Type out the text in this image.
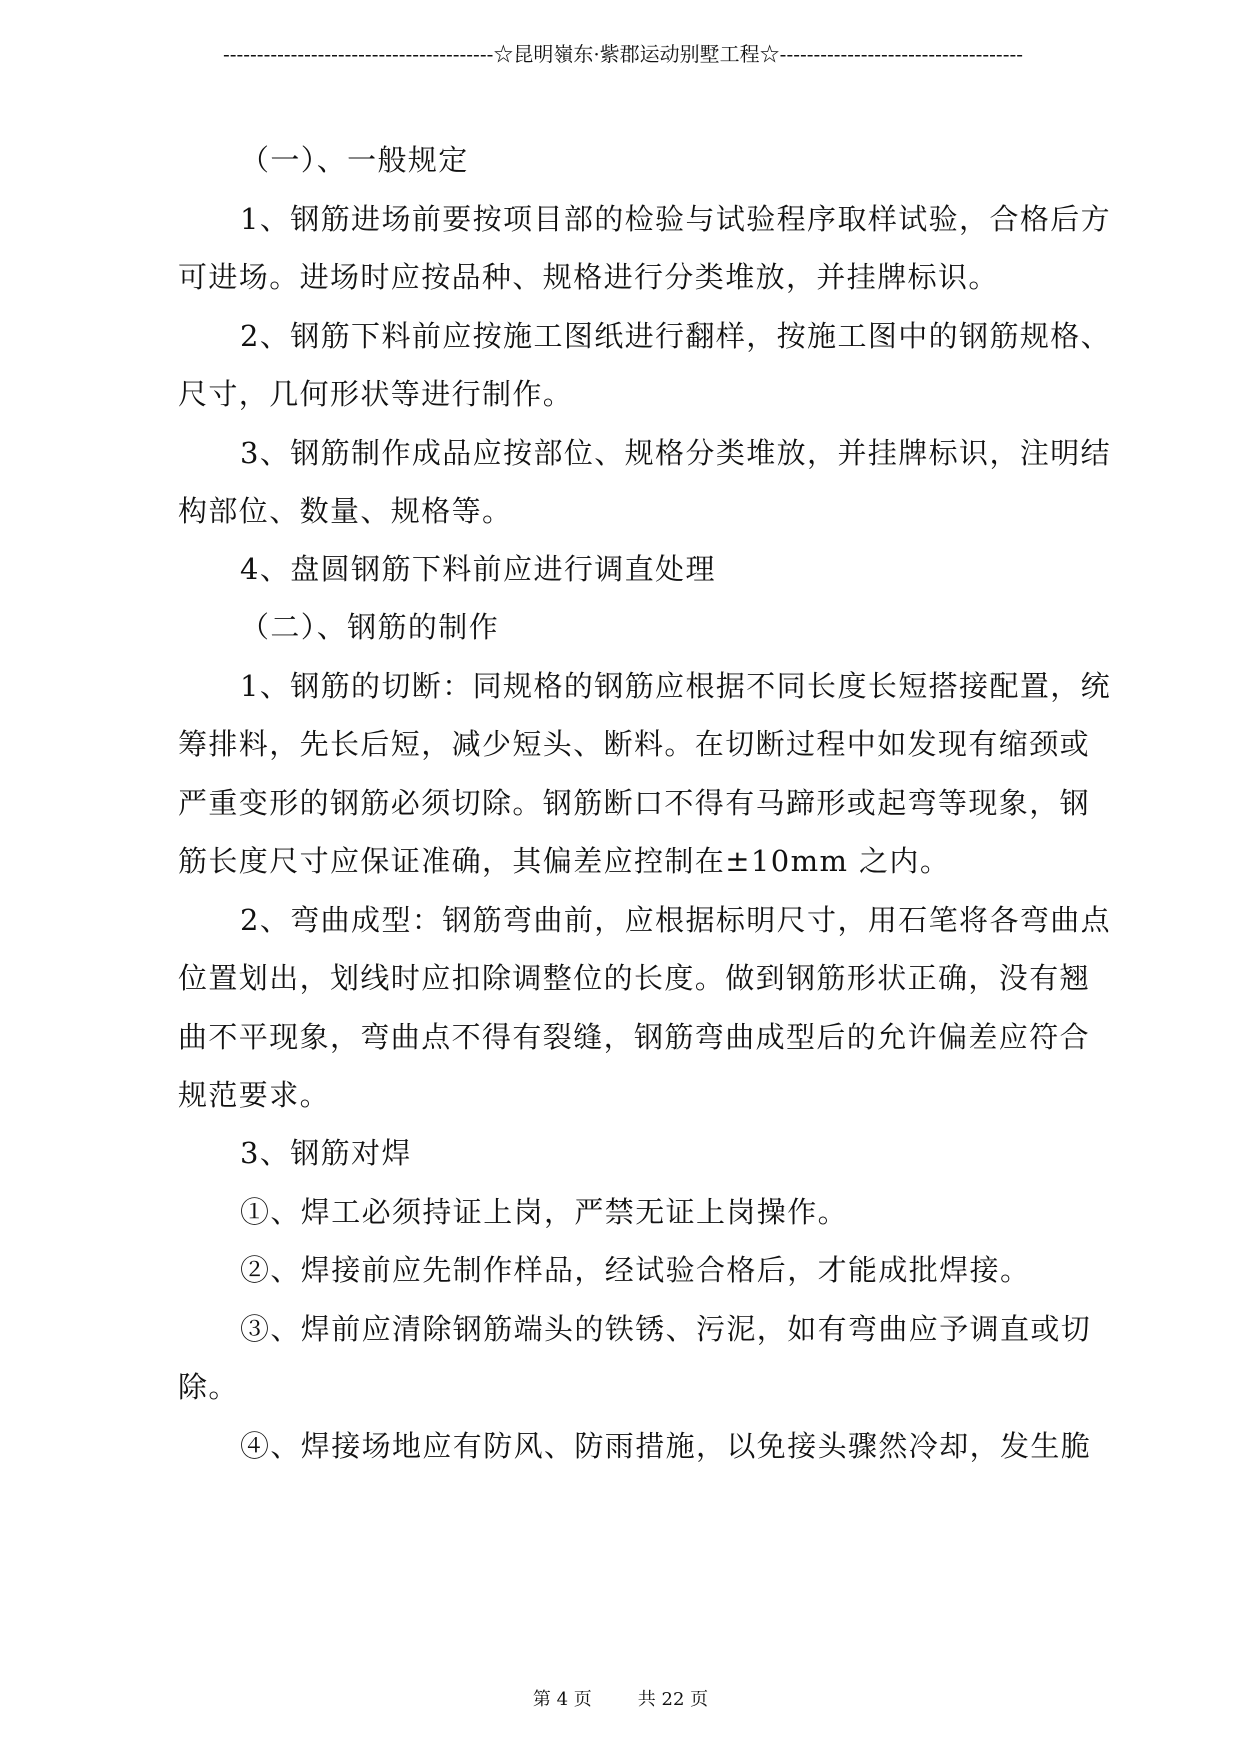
----------------------------------------☆昆明嶺东·紫郡运动别墅工程☆------------------------------------
（一）、一般规定
1、钢筋进场前要按项目部的检验与试验程序取样试验，合格后方
可进场。进场时应按品种、规格进行分类堆放，并挂牌标识。
2、钢筋下料前应按施工图纸进行翻样，按施工图中的钢筋规格、
尺寸，几何形状等进行制作。
3、钢筋制作成品应按部位、规格分类堆放，并挂牌标识，注明结
构部位、数量、规格等。
4、盘圆钢筋下料前应进行调直处理
（二）、钢筋的制作
1、钢筋的切断：同规格的钢筋应根据不同长度长短搭接配置，统
筹排料，先长后短，减少短头、断料。在切断过程中如发现有缩颈或
严重变形的钢筋必须切除。钢筋断口不得有马蹄形或起弯等现象，钢
筋长度尺寸应保证准确，其偏差应控制在±10mm 之内。
2、弯曲成型：钢筋弯曲前，应根据标明尺寸，用石笔将各弯曲点
位置划出，划线时应扣除调整位的长度。做到钢筋形状正确，没有翘
曲不平现象，弯曲点不得有裂缝，钢筋弯曲成型后的允许偏差应符合
规范要求。
3、钢筋对焊
①、焊工必须持证上岗，严禁无证上岗操作。
②、焊接前应先制作样品，经试验合格后，才能成批焊接。
③、焊前应清除钢筋端头的铁锈、污泥，如有弯曲应予调直或切
除。
④、焊接场地应有防风、防雨措施，以免接头骤然冷却，发生脆
第 4 页	共 22 页
